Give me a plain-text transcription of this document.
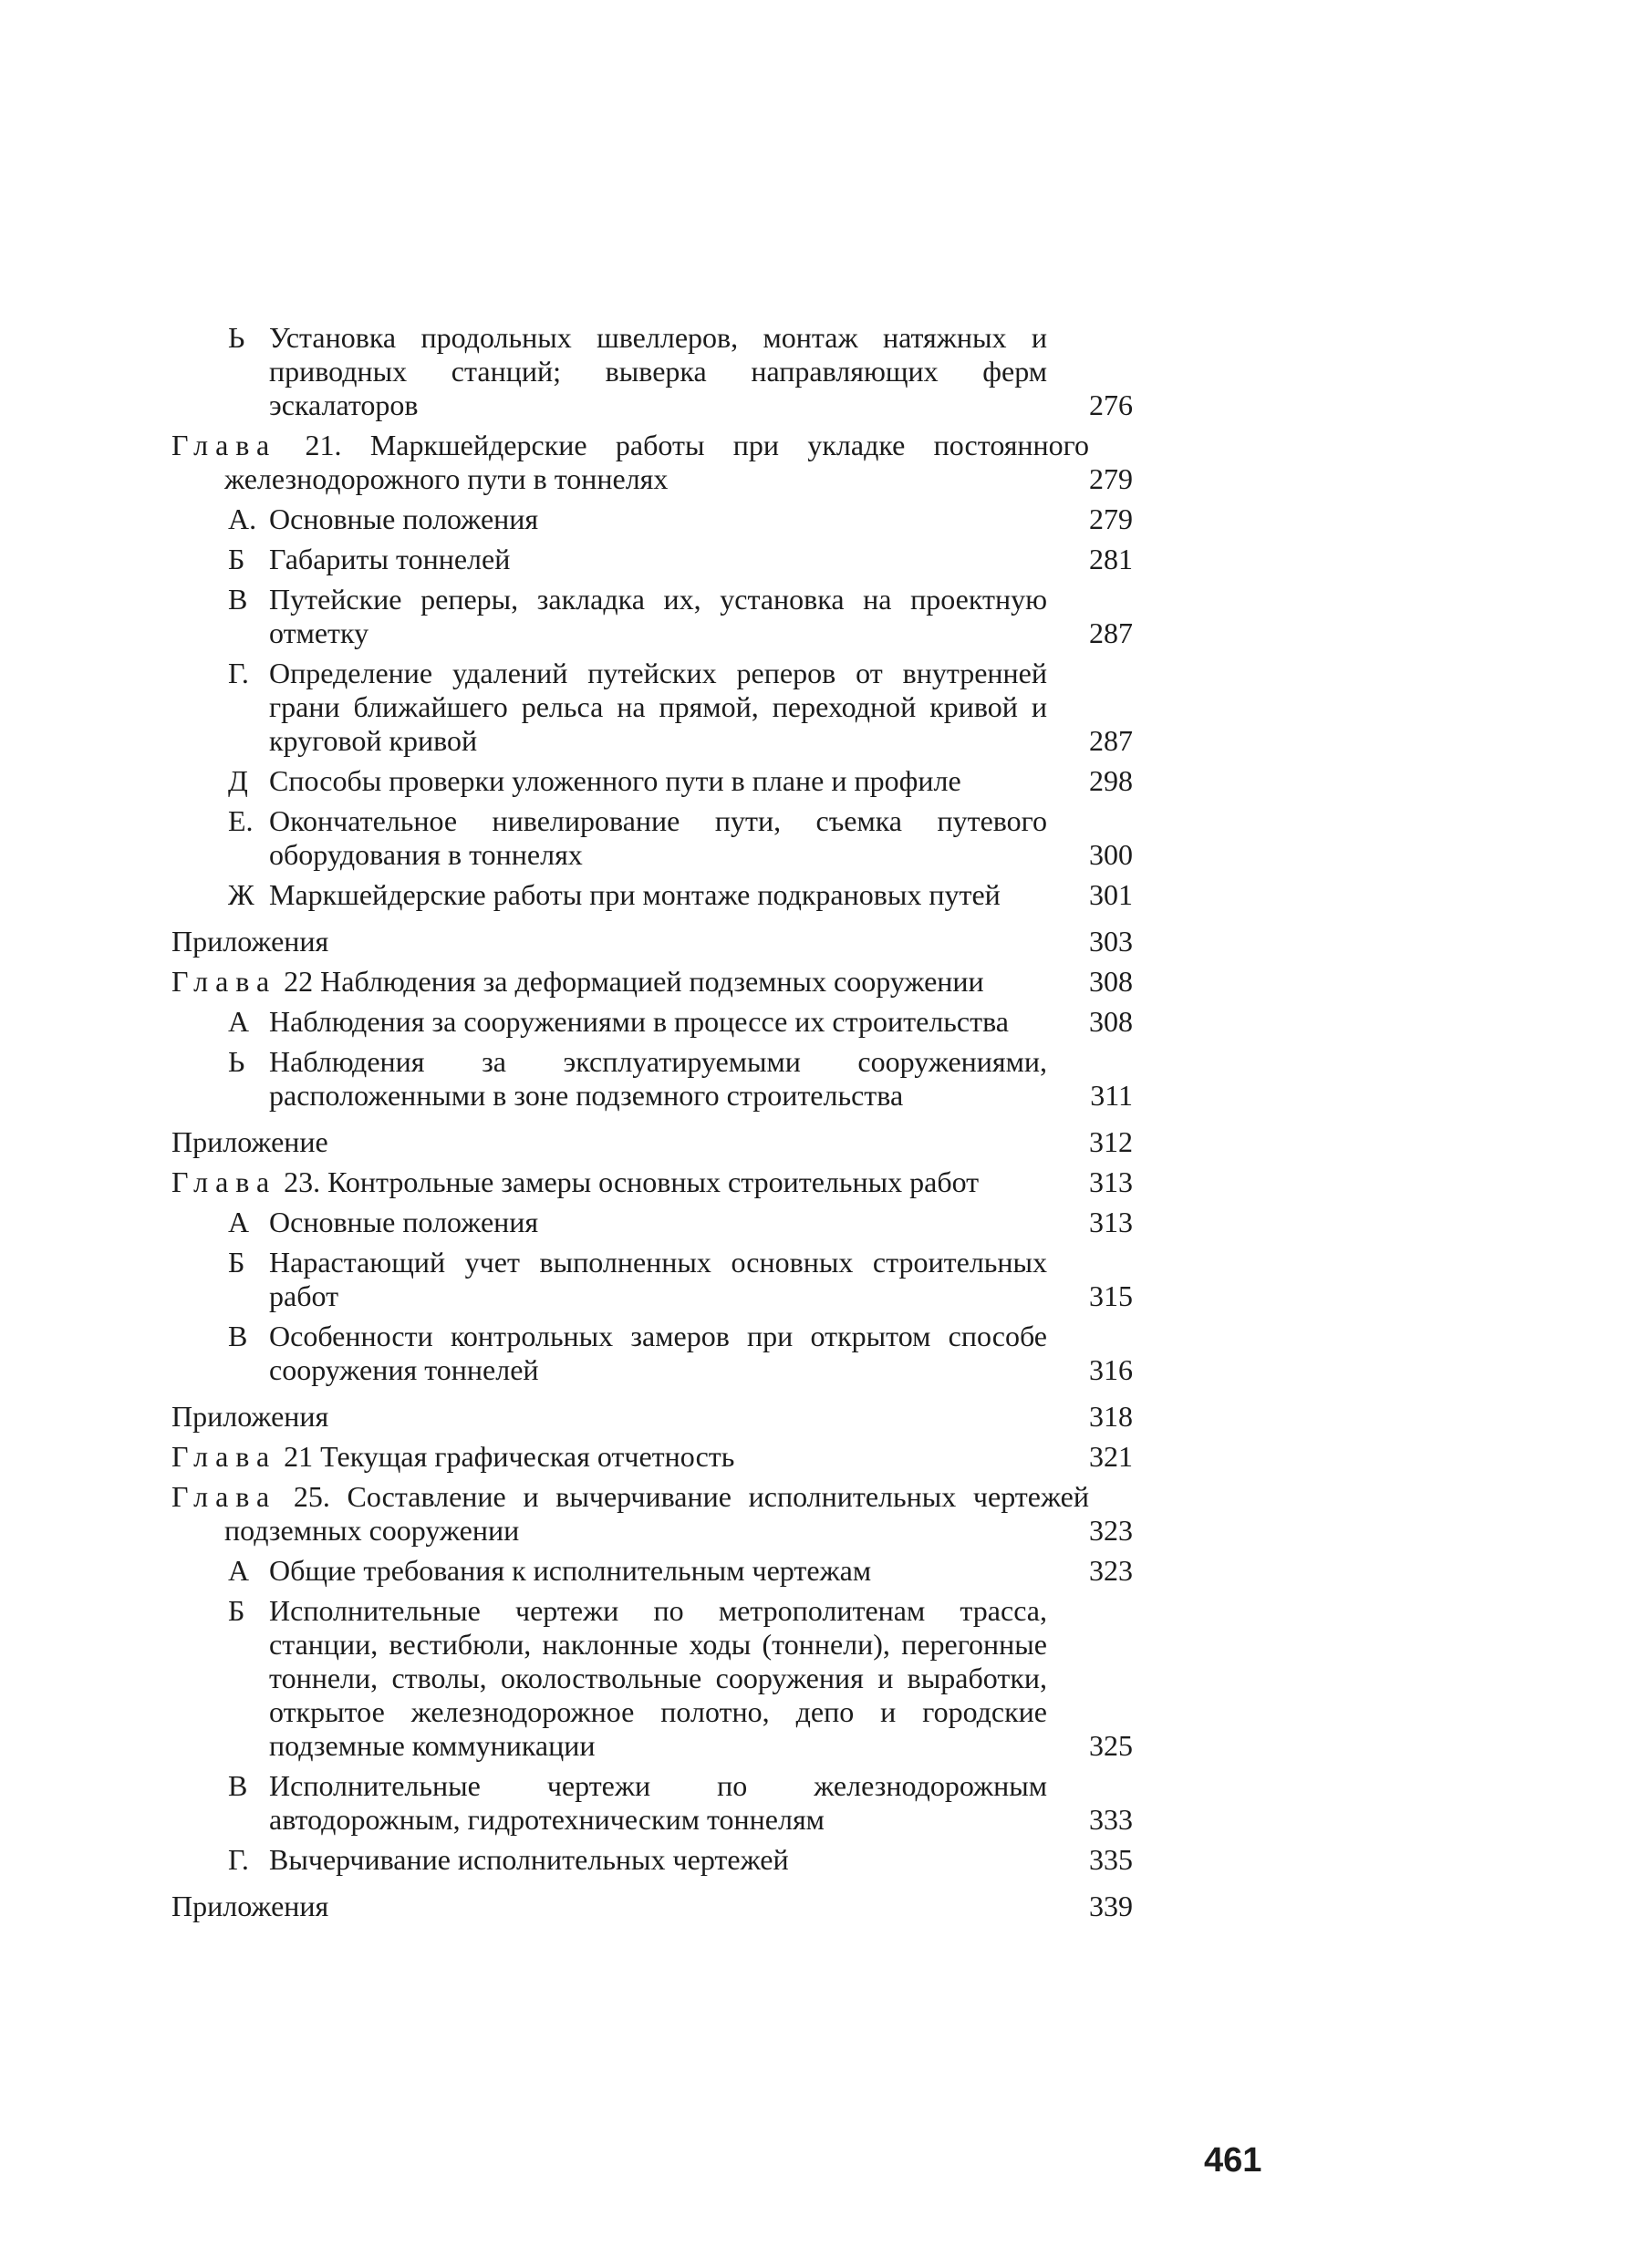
Ь Установка продольных швеллеров, монтаж натяжных и приводных станций; выверка направляющих ферм эскалаторов	276
Глава 21. Маркшейдерские работы при укладке постоянного железнодорожного пути в тоннелях	279
А. Основные положения	279
Б Габариты тоннелей	281
В Путейские реперы, закладка их, установка на проектную отметку	287
Г. Определение удалений путейских реперов от внутренней грани ближайшего рельса на прямой, переходной кривой и круговой кривой	287
Д Способы проверки уложенного пути в плане и профиле	298
Е. Окончательное нивелирование пути, съемка путевого оборудования в тоннелях	300
Ж Маркшейдерские работы при монтаже подкрановых путей	301
Приложения	303
Глава 22 Наблюдения за деформацией подземных сооружении	308
А Наблюдения за сооружениями в процессе их строительства	308
Ь Наблюдения за эксплуатируемыми сооружениями, расположенными в зоне подземного строительства	311
Приложение	312
Глава 23. Контрольные замеры основных строительных работ	313
А Основные положения	313
Б Нарастающий учет выполненных основных строительных работ	315
В Особенности контрольных замеров при открытом способе сооружения тоннелей	316
Приложения	318
Глава 21 Текущая графическая отчетность	321
Глава 25. Составление и вычерчивание исполнительных чертежей подземных сооружении	323
А Общие требования к исполнительным чертежам	323
Б Исполнительные чертежи по метрополитенам трасса, станции, вестибюли, наклонные ходы (тоннели), перегонные тоннели, стволы, околоствольные сооружения и выработки, открытое железнодорожное полотно, депо и городские подземные коммуникации	325
В Исполнительные чертежи по железнодорожным автодорожным, гидротехническим тоннелям	333
Г. Вычерчивание исполнительных чертежей	335
Приложения	339
461
